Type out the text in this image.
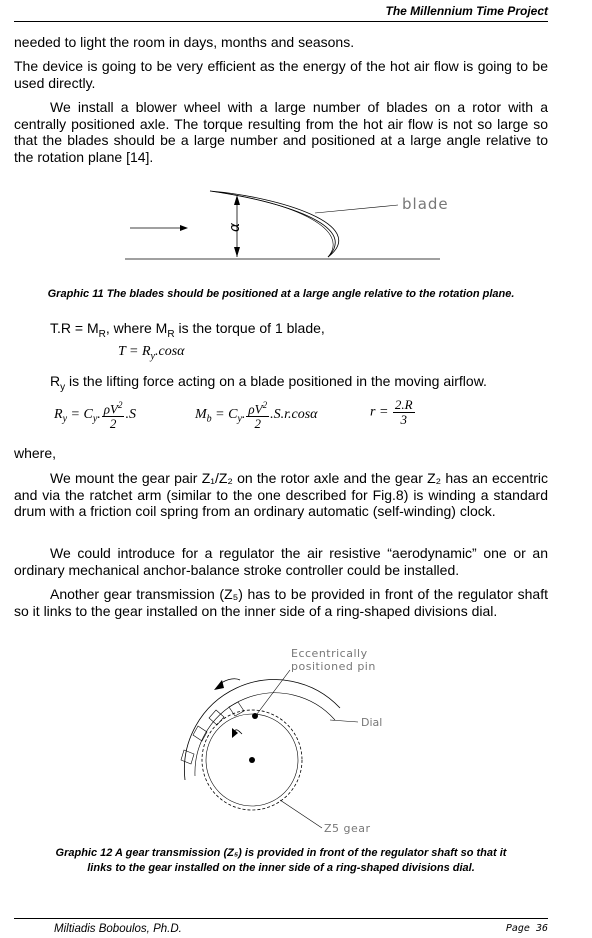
The Millennium Time Project

needed to light the room in days, months and seasons.

The device is going to be very efficient as the energy of the hot air flow is going to be used directly.

We install a blower wheel with a large number of blades on a rotor with a centrally positioned axle. The torque resulting from the hot air flow is not so large so that the blades should be a large number and positioned at a large angle relative to the rotation plane [14].

α
blade
Graphic 11 The blades should be positioned at a large angle relative to the rotation plane.

$T.R = M_R$, where $M_R$ is the torque of 1 blade,

$T = R_y.\cos\alpha$

$R_y$ is the lifting force acting on a blade positioned in the moving airflow.

$R_y = C_y$. $\frac{\rho V^2}{2} .S$	$M_b = C_y$. $\frac{\rho V^2}{2} .S.r.\cos\alpha$	$r = \frac{2.R}{3}$

where,

We mount the gear pair Z₁/Z₂ on the rotor axle and the gear Z₂ has an eccentric and via the ratchet arm (similar to the one described for Fig.8) is winding a standard drum with a friction coil spring from an ordinary automatic (self-winding) clock.

We could introduce for a regulator the air resistive “aerodynamic” one or an ordinary mechanical anchor-balance stroke controller could be installed.

Another gear transmission (Z₅) has to be provided in front of the regulator shaft so it links to the gear installed on the inner side of a ring-shaped divisions dial.

Eccentrically
positioned pin
Dial
Z5 gear
Graphic 12 A gear transmission (Z₅) is provided in front of the regulator shaft so that it
links to the gear installed on the inner side of a ring-shaped divisions dial.
Miltiadis Boboulos, Ph.D.	Page 36
